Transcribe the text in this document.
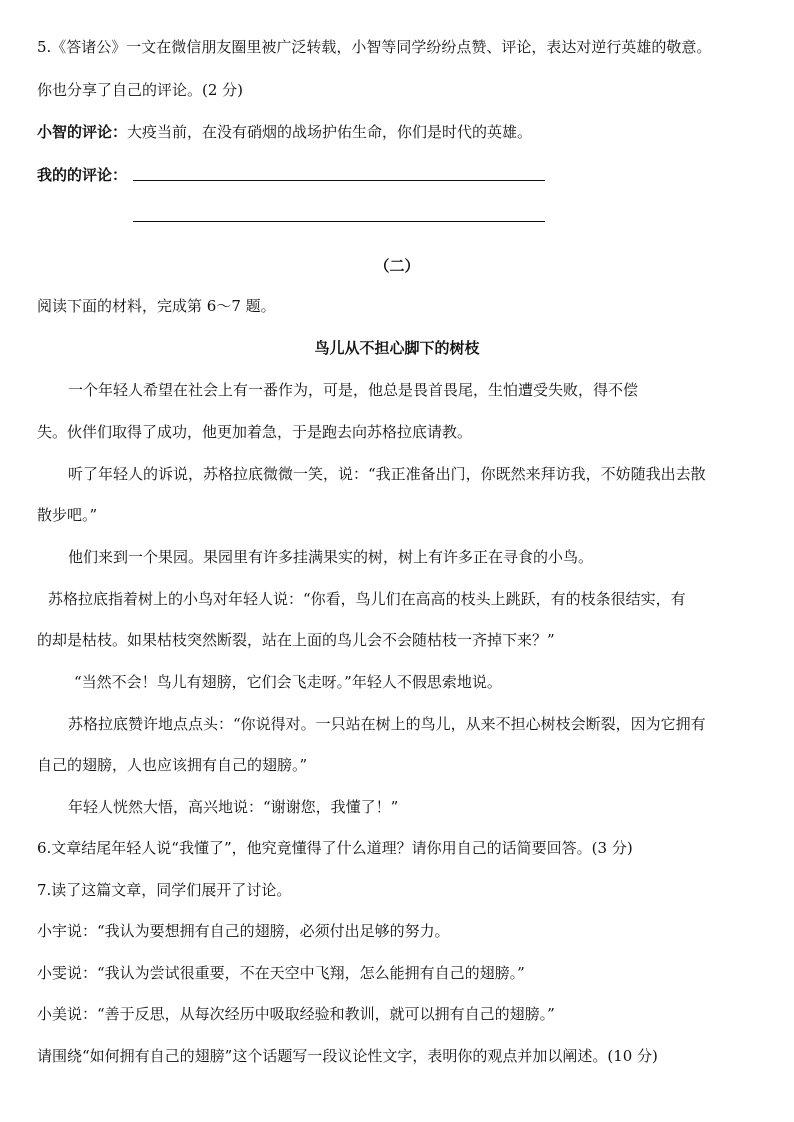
5.《答诸公》一文在微信朋友圈里被广泛转载，小智等同学纷纷点赞、评论，表达对逆行英雄的敬意。
你也分享了自己的评论。(2 分)
小智的评论：大疫当前，在没有硝烟的战场护佑生命，你们是时代的英雄。
我的的评论：
（二）
阅读下面的材料，完成第 6～7 题。
鸟儿从不担心脚下的树枝
一个年轻人希望在社会上有一番作为，可是，他总是畏首畏尾，生怕遭受失败，得不偿
失。伙伴们取得了成功，他更加着急，于是跑去向苏格拉底请教。
听了年轻人的诉说，苏格拉底微微一笑，说：“我正准备出门，你既然来拜访我，不妨随我出去散
散步吧。”
他们来到一个果园。果园里有许多挂满果实的树，树上有许多正在寻食的小鸟。
苏格拉底指着树上的小鸟对年轻人说：“你看，鸟儿们在高高的枝头上跳跃，有的枝条很结实，有
的却是枯枝。如果枯枝突然断裂，站在上面的鸟儿会不会随枯枝一齐掉下来？”
“当然不会！鸟儿有翅膀，它们会飞走呀。”年轻人不假思索地说。
苏格拉底赞许地点点头：“你说得对。一只站在树上的鸟儿，从来不担心树枝会断裂，因为它拥有
自己的翅膀，人也应该拥有自己的翅膀。”
年轻人恍然大悟，高兴地说：“谢谢您，我懂了！”
6.文章结尾年轻人说“我懂了”，他究竟懂得了什么道理？请你用自己的话简要回答。(3 分)
7.读了这篇文章，同学们展开了讨论。
小宇说：“我认为要想拥有自己的翅膀，必须付出足够的努力。
小雯说：“我认为尝试很重要，不在天空中飞翔，怎么能拥有自己的翅膀。”
小美说：“善于反思，从每次经历中吸取经验和教训，就可以拥有自己的翅膀。”
请围绕“如何拥有自己的翅膀”这个话题写一段议论性文字，表明你的观点并加以阐述。(10 分)
